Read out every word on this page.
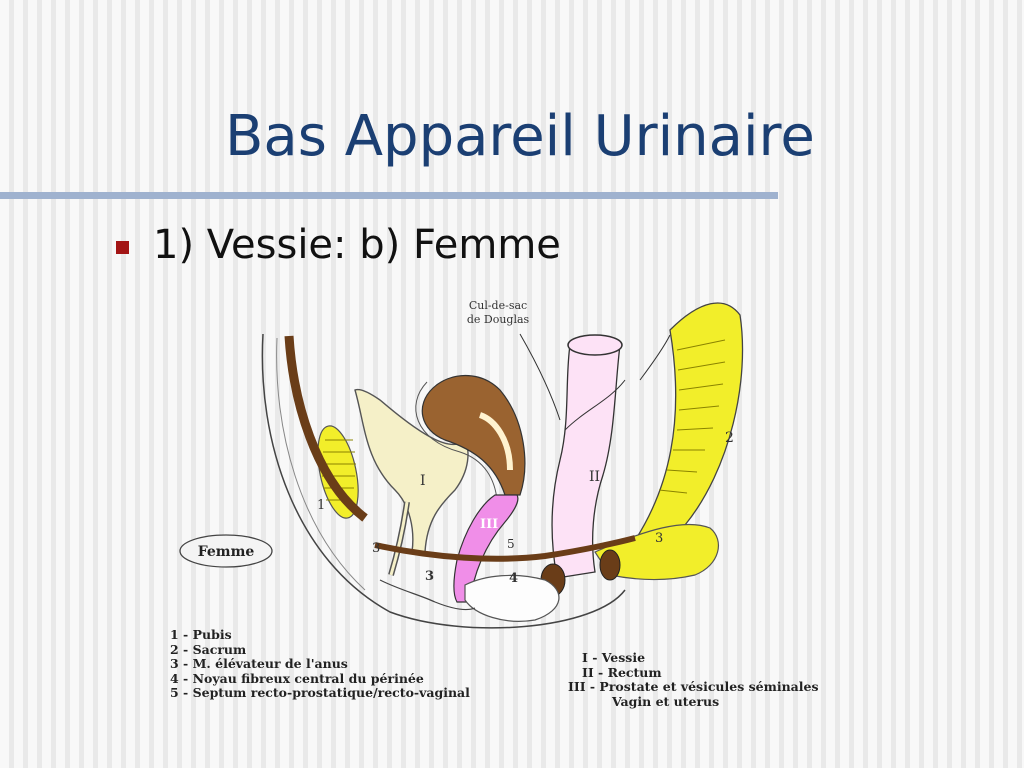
Bas Appareil Urinaire
1) Vessie: b) Femme
Femme
Cul-de-sac
de Douglas
1
2
3
3
4
5
I	II
III
3
1 - Pubis
2 - Sacrum
3 - M. élévateur de l'anus
4 - Noyau fibreux central du périnée
5 - Septum recto-prostatique/recto-vaginal
I - Vessie
II - Rectum
III - Prostate et vésicules séminales
Vagin et uterus
